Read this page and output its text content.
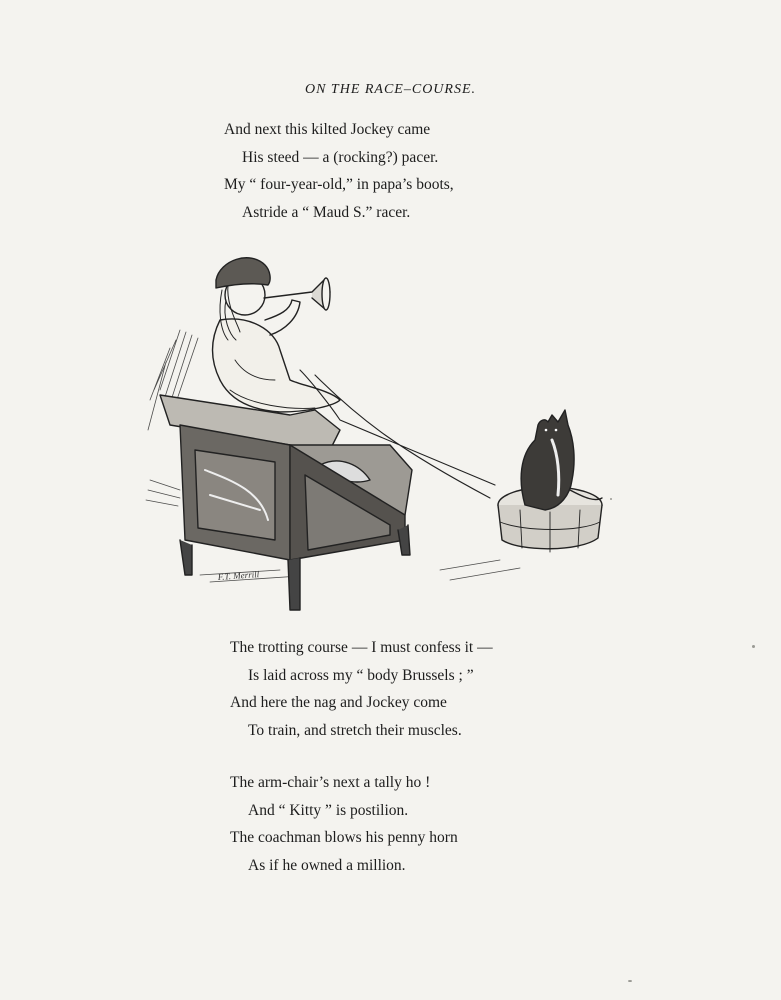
ON THE RACE–COURSE.
And next this kilted Jockey came
His steed — a (rocking?) pacer.
My “ four-year-old,” in papa’s boots,
Astride a “ Maud S.” racer.
F.T. Merrill
The trotting course — I must confess it —
Is laid across my “ body Brussels ; ”
And here the nag and Jockey come
To train, and stretch their muscles.
The arm-chair’s next a tally ho !
And “ Kitty ” is postilion.
The coachman blows his penny horn
As if he owned a million.
